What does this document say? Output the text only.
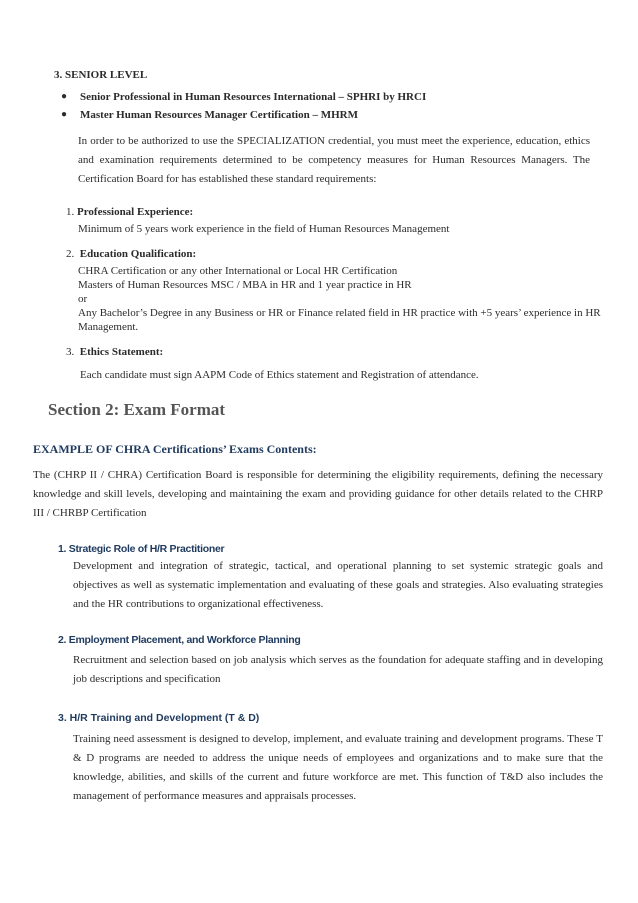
3. SENIOR LEVEL
● Senior Professional in Human Resources International – SPHRI by HRCI
● Master Human Resources Manager Certification – MHRM

In order to be authorized to use the SPECIALIZATION credential, you must meet the experience, education, ethics and examination requirements determined to be competency measures for Human Resources Managers. The Certification Board for has established these standard requirements:

1. Professional Experience:
Minimum of 5 years work experience in the field of Human Resources Management
2. Education Qualification:
CHRA Certification or any other International or Local HR Certification
Masters of Human Resources MSC / MBA in HR and 1 year practice in HR
or
Any Bachelor’s Degree in any Business or HR or Finance related field in HR practice with +5 years’ experience in HR Management.
3. Ethics Statement:
Each candidate must sign AAPM Code of Ethics statement and Registration of attendance.
Section 2: Exam Format
EXAMPLE OF CHRA Certifications’ Exams Contents:

The (CHRP II / CHRA) Certification Board is responsible for determining the eligibility requirements, defining the necessary knowledge and skill levels, developing and maintaining the exam and providing guidance for other details related to the CHRP III / CHRBP Certification

1. Strategic Role of H/R Practitioner

Development and integration of strategic, tactical, and operational planning to set systemic strategic goals and objectives as well as systematic implementation and evaluating of these goals and strategies. Also evaluating strategies and the HR contributions to organizational effectiveness.

2. Employment Placement, and Workforce Planning

Recruitment and selection based on job analysis which serves as the foundation for adequate staffing and in developing job descriptions and specification

3. H/R Training and Development (T & D)

Training need assessment is designed to develop, implement, and evaluate training and development programs. These T & D programs are needed to address the unique needs of employees and organizations and to make sure that the knowledge, abilities, and skills of the current and future workforce are met. This function of T&D also includes the management of performance measures and appraisals processes.
